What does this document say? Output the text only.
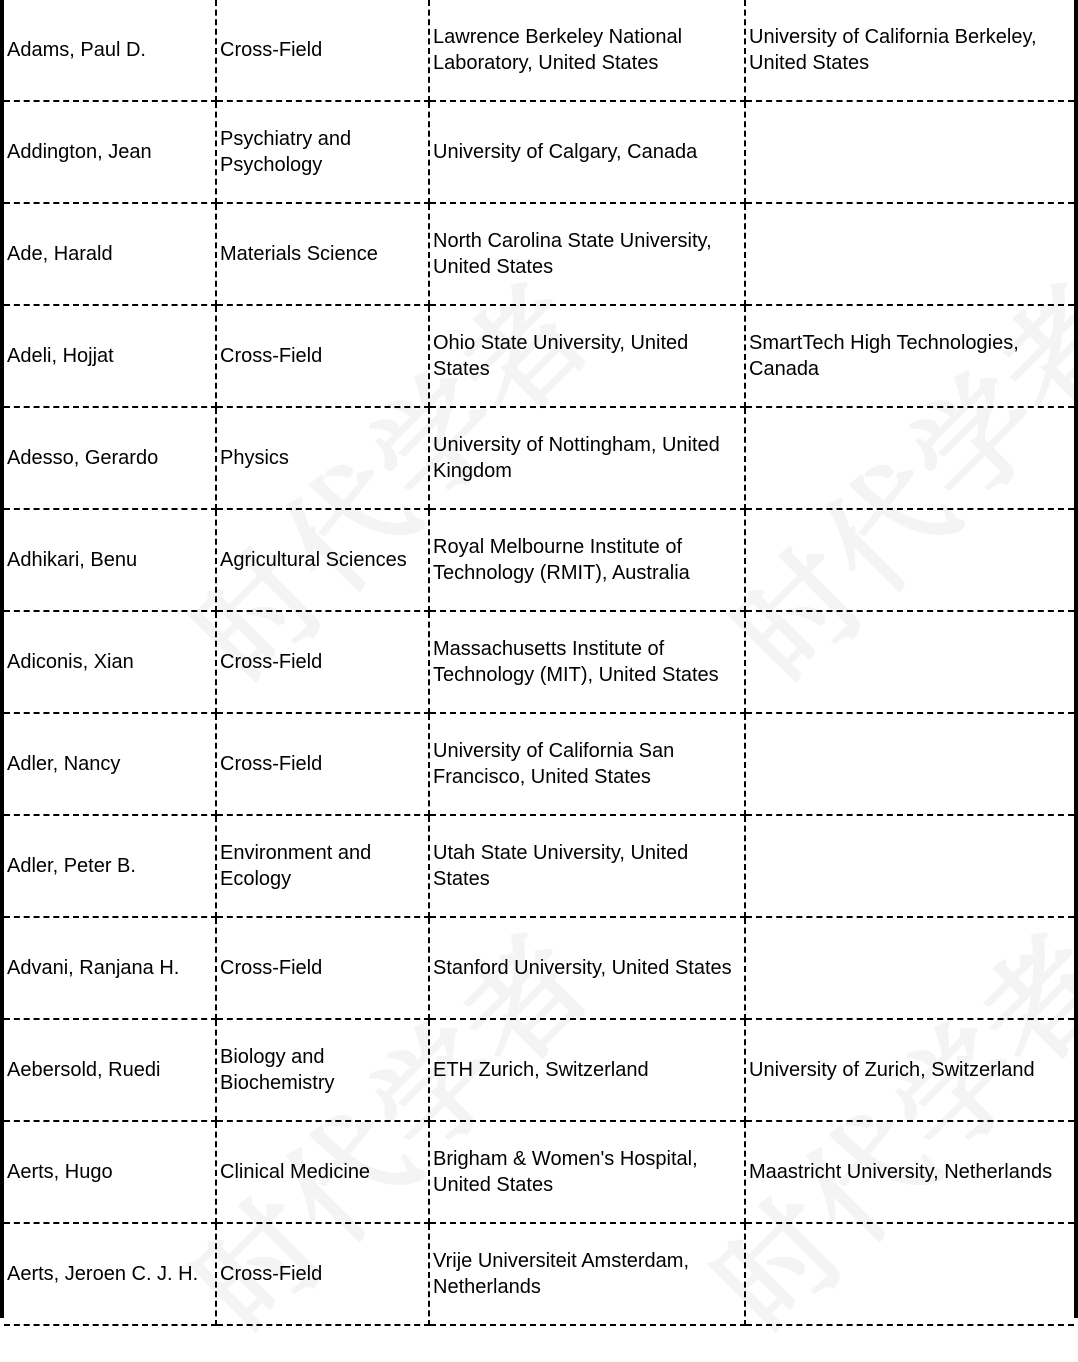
Adams, Paul D.	Cross-Field	Lawrence Berkeley National Laboratory, United States	University of California Berkeley, United States
Addington, Jean	Psychiatry and Psychology	University of Calgary, Canada	
Ade, Harald	Materials Science	North Carolina State University, United States	
Adeli, Hojjat	Cross-Field	Ohio State University, United States	SmartTech High Technologies, Canada
Adesso, Gerardo	Physics	University of Nottingham, United Kingdom	
Adhikari, Benu	Agricultural Sciences	Royal Melbourne Institute of Technology (RMIT), Australia	
Adiconis, Xian	Cross-Field	Massachusetts Institute of Technology (MIT), United States	
Adler, Nancy	Cross-Field	University of California San Francisco, United States	
Adler, Peter B.	Environment and Ecology	Utah State University, United States	
Advani, Ranjana H.	Cross-Field	Stanford University, United States	
Aebersold, Ruedi	Biology and Biochemistry	ETH Zurich, Switzerland	University of Zurich, Switzerland
Aerts, Hugo	Clinical Medicine	Brigham & Women's Hospital, United States	Maastricht University, Netherlands
Aerts, Jeroen C. J. H.	Cross-Field	Vrije Universiteit Amsterdam, Netherlands	
